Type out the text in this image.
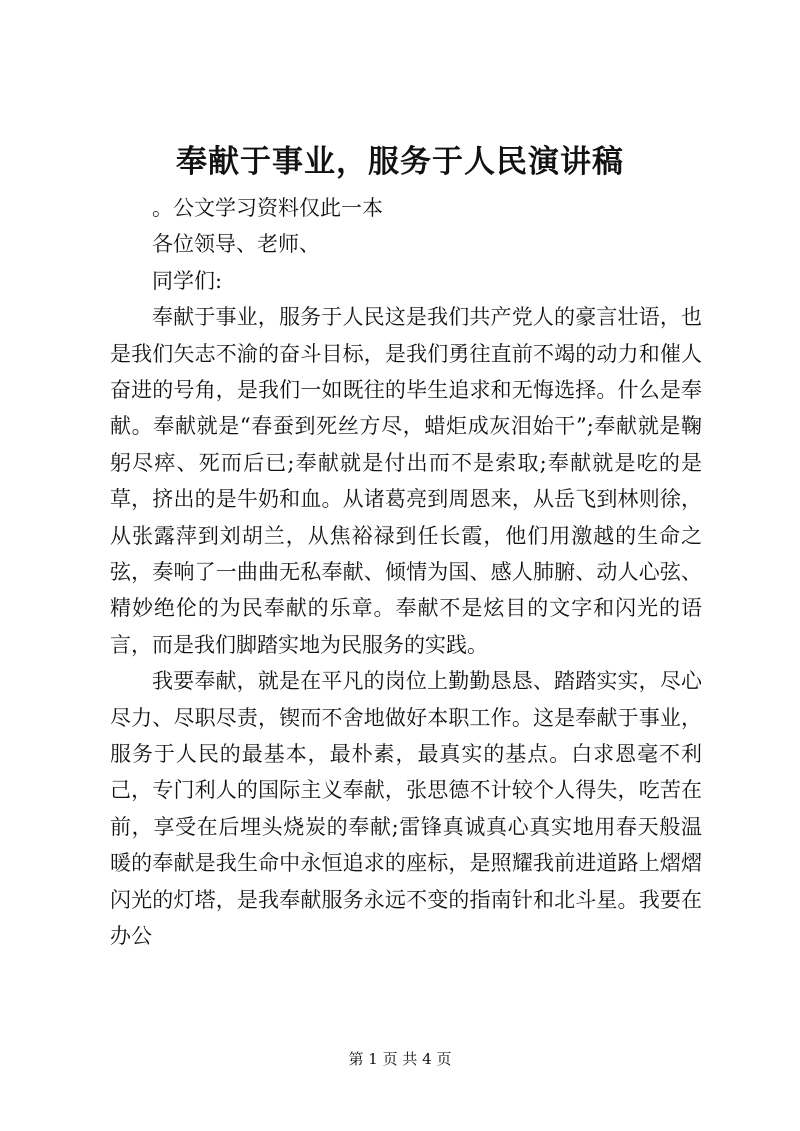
奉献于事业，服务于人民演讲稿
。公文学习资料仅此一本
各位领导、老师、
同学们:

奉献于事业，服务于人民这是我们共产党人的豪言壮语，也是我们矢志不渝的奋斗目标，是我们勇往直前不竭的动力和催人奋进的号角，是我们一如既往的毕生追求和无悔选择。什么是奉献。奉献就是“春蚕到死丝方尽，蜡炬成灰泪始干”;奉献就是鞠躬尽瘁、死而后已;奉献就是付出而不是索取;奉献就是吃的是草，挤出的是牛奶和血。从诸葛亮到周恩来，从岳飞到林则徐，从张露萍到刘胡兰，从焦裕禄到任长霞，他们用激越的生命之弦，奏响了一曲曲无私奉献、倾情为国、感人肺腑、动人心弦、精妙绝伦的为民奉献的乐章。奉献不是炫目的文字和闪光的语言，而是我们脚踏实地为民服务的实践。

我要奉献，就是在平凡的岗位上勤勤恳恳、踏踏实实，尽心尽力、尽职尽责，锲而不舍地做好本职工作。这是奉献于事业，服务于人民的最基本，最朴素，最真实的基点。白求恩毫不利己，专门利人的国际主义奉献，张思德不计较个人得失，吃苦在前，享受在后埋头烧炭的奉献;雷锋真诚真心真实地用春天般温暖的奉献是我生命中永恒追求的座标，是照耀我前进道路上熠熠闪光的灯塔，是我奉献服务永远不变的指南针和北斗星。我要在办公

第 1 页 共 4 页
